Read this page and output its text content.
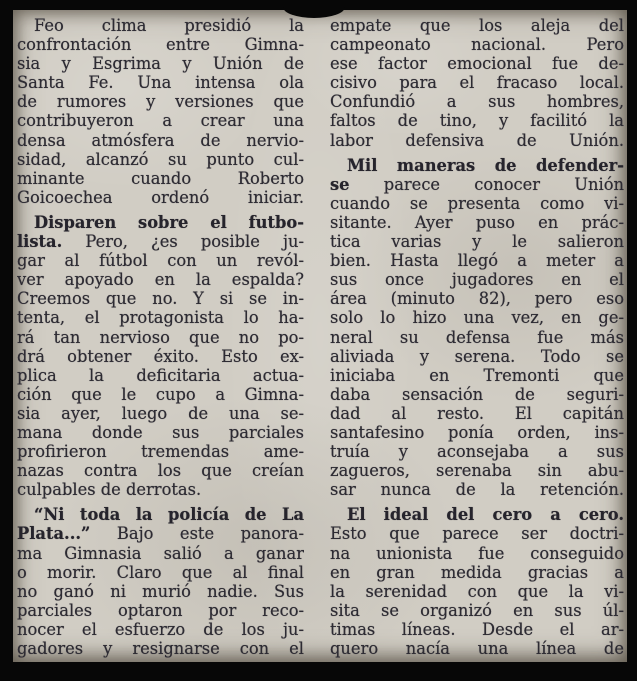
Feo clima presidió la
confrontación entre Gimna-
sia y Esgrima y Unión de
Santa Fe. Una intensa ola
de rumores y versiones que
contribuyeron a crear una
densa atmósfera de nervio-
sidad, alcanzó su punto cul-
minante cuando Roberto
Goicoechea ordenó iniciar.
Disparen sobre el futbo-
lista. Pero, ¿es posible ju-
gar al fútbol con un revól-
ver apoyado en la espalda?
Creemos que no. Y si se in-
tenta, el protagonista lo ha-
rá tan nervioso que no po-
drá obtener éxito. Esto ex-
plica la deficitaria actua-
ción que le cupo a Gimna-
sia ayer, luego de una se-
mana donde sus parciales
profirieron tremendas ame-
nazas contra los que creían
culpables de derrotas.
“Ni toda la policía de La
Plata...” Bajo este panora-
ma Gimnasia salió a ganar
o morir. Claro que al final
no ganó ni murió nadie. Sus
parciales optaron por reco-
nocer el esfuerzo de los ju-
gadores y resignarse con el
empate que los aleja del
campeonato nacional. Pero
ese factor emocional fue de-
cisivo para el fracaso local.
Confundió a sus hombres,
faltos de tino, y facilitó la
labor defensiva de Unión.
Mil maneras de defender-
se parece conocer Unión
cuando se presenta como vi-
sitante. Ayer puso en prác-
tica varias y le salieron
bien. Hasta llegó a meter a
sus once jugadores en el
área (minuto 82), pero eso
solo lo hizo una vez, en ge-
neral su defensa fue más
aliviada y serena. Todo se
iniciaba en Tremonti que
daba sensación de seguri-
dad al resto. El capitán
santafesino ponía orden, ins-
truía y aconsejaba a sus
zagueros, serenaba sin abu-
sar nunca de la retención.
El ideal del cero a cero.
Esto que parece ser doctri-
na unionista fue conseguido
en gran medida gracias a
la serenidad con que la vi-
sita se organizó en sus úl-
timas líneas. Desde el ar-
quero nacía una línea de
